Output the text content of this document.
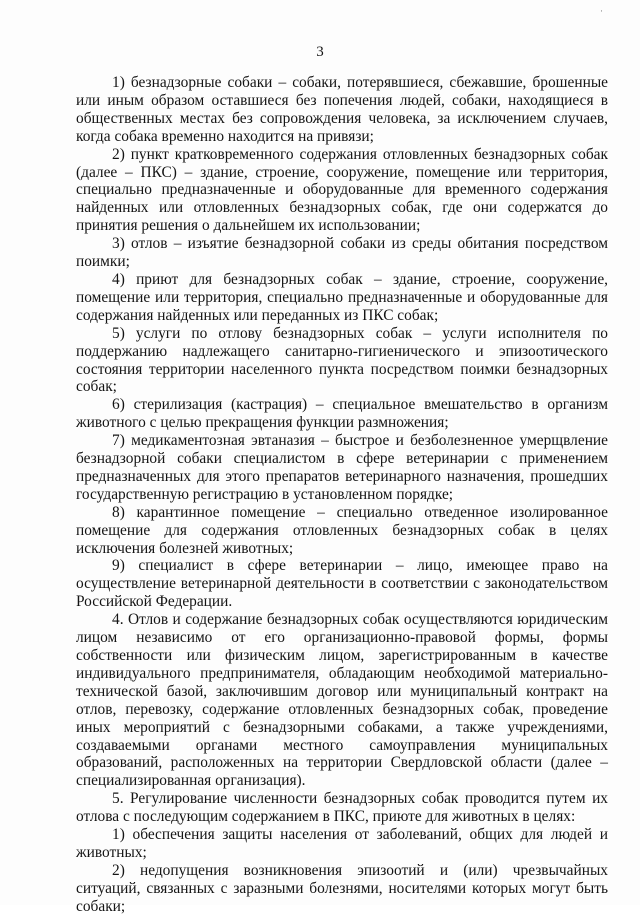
·
3

1) безнадзорные собаки – собаки, потерявшиеся, сбежавшие, брошенные или иным образом оставшиеся без попечения людей, собаки, находящиеся в общественных местах без сопровождения человека, за исключением случаев, когда собака временно находится на привязи;

2) пункт кратковременного содержания отловленных безнадзорных собак (далее – ПКС) – здание, строение, сооружение, помещение или территория, специально предназначенные и оборудованные для временного содержания найденных или отловленных безнадзорных собак, где они содержатся до принятия решения о дальнейшем их использовании;

3) отлов – изъятие безнадзорной собаки из среды обитания посредством поимки;

4) приют для безнадзорных собак – здание, строение, сооружение, помещение или территория, специально предназначенные и оборудованные для содержания найденных или переданных из ПКС собак;

5) услуги по отлову безнадзорных собак – услуги исполнителя по поддержанию надлежащего санитарно-гигиенического и эпизоотического состояния территории населенного пункта посредством поимки безнадзорных собак;

6) стерилизация (кастрация) – специальное вмешательство в организм животного с целью прекращения функции размножения;

7) медикаментозная эвтаназия – быстрое и безболезненное умерщвление безнадзорной собаки специалистом в сфере ветеринарии с применением предназначенных для этого препаратов ветеринарного назначения, прошедших государственную регистрацию в установленном порядке;

8) карантинное помещение – специально отведенное изолированное помещение для содержания отловленных безнадзорных собак в целях исключения болезней животных;

9) специалист в сфере ветеринарии – лицо, имеющее право на осуществление ветеринарной деятельности в соответствии с законодательством Российской Федерации.

4. Отлов и содержание безнадзорных собак осуществляются юридическим лицом независимо от его организационно-правовой формы, формы собственности или физическим лицом, зарегистрированным в качестве индивидуального предпринимателя, обладающим необходимой материально-технической базой, заключившим договор или муниципальный контракт на отлов, перевозку, содержание отловленных безнадзорных собак, проведение иных мероприятий с безнадзорными собаками, а также учреждениями, создаваемыми органами местного самоуправления муниципальных образований, расположенных на территории Свердловской области (далее – специализированная организация).

5. Регулирование численности безнадзорных собак проводится путем их отлова с последующим содержанием в ПКС, приюте для животных в целях:

1) обеспечения защиты населения от заболеваний, общих для людей и животных;

2) недопущения возникновения эпизоотий и (или) чрезвычайных ситуаций, связанных с заразными болезнями, носителями которых могут быть собаки;
